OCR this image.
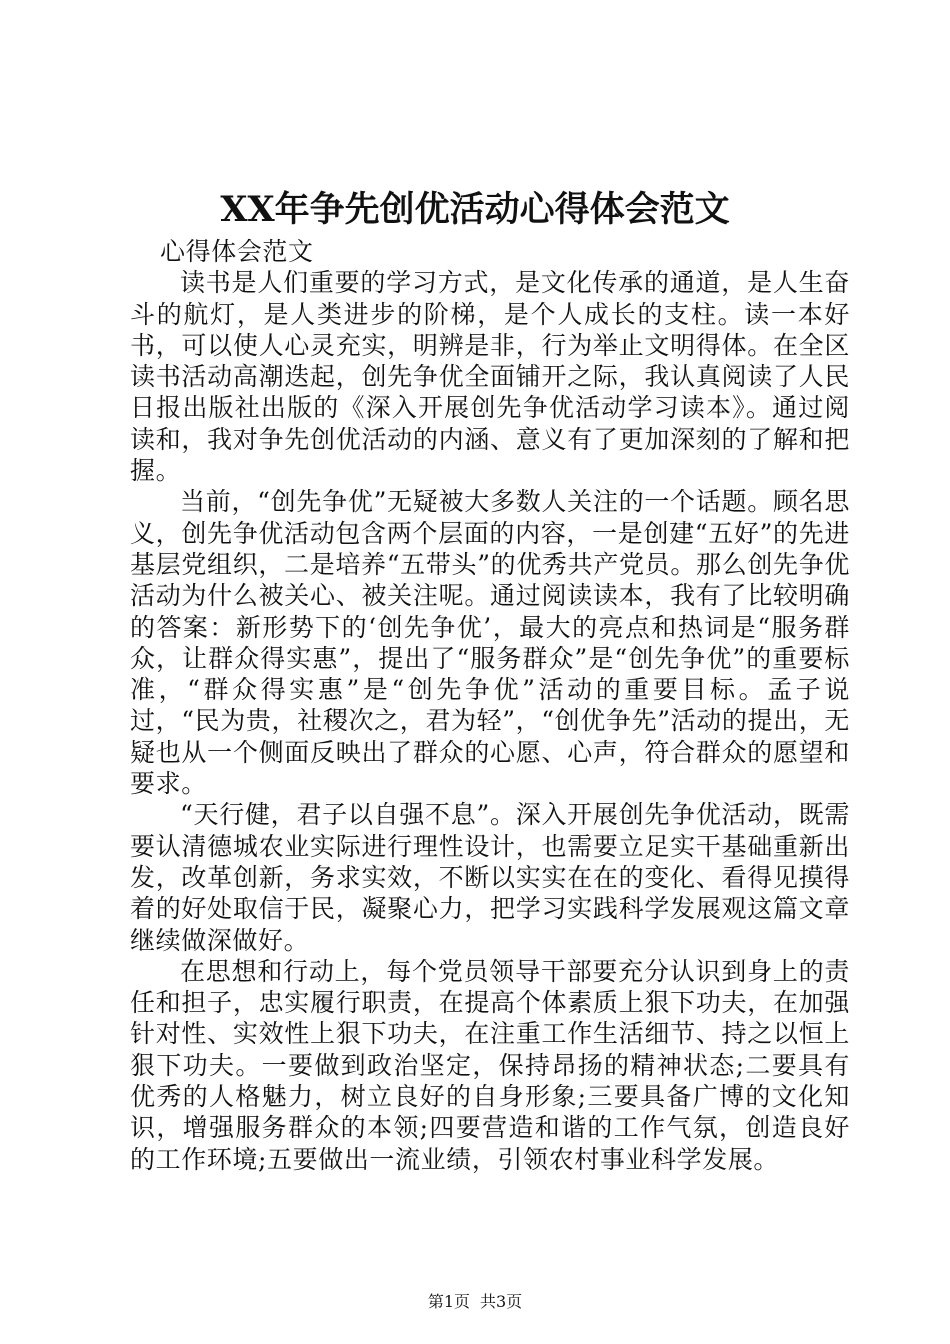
XX年争先创优活动心得体会范文

心得体会范文

读书是人们重要的学习方式，是文化传承的通道，是人生奋斗的航灯，是人类进步的阶梯，是个人成长的支柱。读一本好书，可以使人心灵充实，明辨是非，行为举止文明得体。在全区读书活动高潮迭起，创先争优全面铺开之际，我认真阅读了人民日报出版社出版的《深入开展创先争优活动学习读本》。通过阅读和，我对争先创优活动的内涵、意义有了更加深刻的了解和把握。

当前，“创先争优”无疑被大多数人关注的一个话题。顾名思义，创先争优活动包含两个层面的内容，一是创建“五好”的先进基层党组织，二是培养“五带头”的优秀共产党员。那么创先争优活动为什么被关心、被关注呢。通过阅读读本，我有了比较明确的答案：新形势下的‘创先争优’，最大的亮点和热词是“服务群众，让群众得实惠”，提出了“服务群众”是“创先争优”的重要标准，“群众得实惠”是“创先争优”活动的重要目标。孟子说过，“民为贵，社稷次之，君为轻”，“创优争先”活动的提出，无疑也从一个侧面反映出了群众的心愿、心声，符合群众的愿望和要求。

“天行健，君子以自强不息”。深入开展创先争优活动，既需要认清德城农业实际进行理性设计，也需要立足实干基础重新出发，改革创新，务求实效，不断以实实在在的变化、看得见摸得着的好处取信于民，凝聚心力，把学习实践科学发展观这篇文章继续做深做好。

在思想和行动上，每个党员领导干部要充分认识到身上的责任和担子，忠实履行职责，在提高个体素质上狠下功夫，在加强针对性、实效性上狠下功夫，在注重工作生活细节、持之以恒上狠下功夫。一要做到政治坚定，保持昂扬的精神状态;二要具有优秀的人格魅力，树立良好的自身形象;三要具备广博的文化知识，增强服务群众的本领;四要营造和谐的工作气氛，创造良好的工作环境;五要做出一流业绩，引领农村事业科学发展。

第1页 共3页
